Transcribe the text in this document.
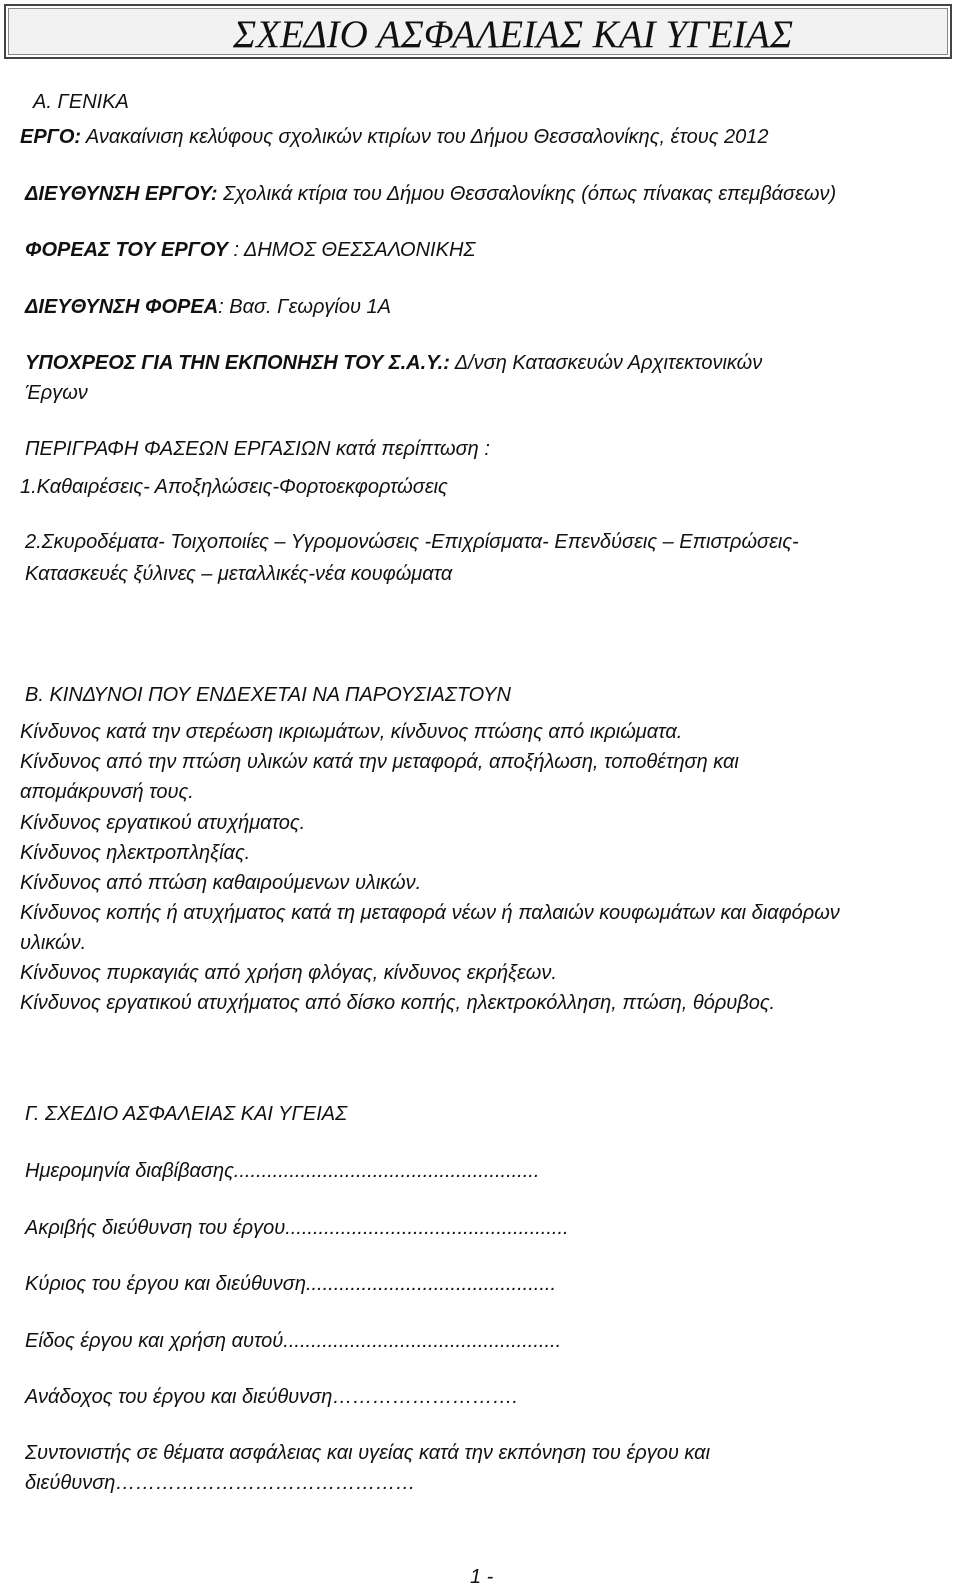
ΣΧΕΔΙΟ ΑΣΦΑΛΕΙΑΣ ΚΑΙ ΥΓΕΙΑΣ
Α. ΓΕΝΙΚΑ
ΕΡΓΟ: Ανακαίνιση κελύφους σχολικών κτιρίων του Δήμου Θεσσαλονίκης, έτους 2012
ΔΙΕΥΘΥΝΣΗ ΕΡΓΟΥ: Σχολικά κτίρια του Δήμου Θεσσαλονίκης (όπως πίνακας επεμβάσεων)
ΦΟΡΕΑΣ ΤΟΥ ΕΡΓΟΥ : ΔΗΜΟΣ ΘΕΣΣΑΛΟΝΙΚΗΣ
ΔΙΕΥΘΥΝΣΗ ΦΟΡΕΑ: Βασ. Γεωργίου 1Α
ΥΠΟΧΡΕΟΣ ΓΙΑ ΤΗΝ ΕΚΠΟΝΗΣΗ ΤΟΥ Σ.Α.Υ.: Δ/νση Κατασκευών Αρχιτεκτονικών
Έργων
ΠΕΡΙΓΡΑΦΗ ΦΑΣΕΩΝ ΕΡΓΑΣΙΩΝ κατά περίπτωση :
1.Καθαιρέσεις- Αποξηλώσεις-Φορτοεκφορτώσεις
2.Σκυροδέματα- Τοιχοποιίες – Υγρομονώσεις -Επιχρίσματα- Επενδύσεις – Επιστρώσεις-
Κατασκευές ξύλινες – μεταλλικές-νέα κουφώματα
Β. ΚΙΝΔΥΝΟΙ ΠΟΥ ΕΝΔΕΧΕΤΑΙ ΝΑ ΠΑΡΟΥΣΙΑΣΤΟΥΝ
Κίνδυνος κατά την στερέωση ικριωμάτων, κίνδυνος πτώσης από ικριώματα.
Κίνδυνος από την πτώση υλικών κατά την μεταφορά, αποξήλωση, τοποθέτηση και
απομάκρυνσή τους.
Κίνδυνος εργατικού ατυχήματος.
Κίνδυνος ηλεκτροπληξίας.
Κίνδυνος από πτώση καθαιρούμενων υλικών.
Κίνδυνος κοπής ή ατυχήματος κατά τη μεταφορά νέων ή παλαιών κουφωμάτων και διαφόρων
υλικών.
Κίνδυνος πυρκαγιάς από χρήση φλόγας, κίνδυνος εκρήξεων.
Κίνδυνος εργατικού ατυχήματος από δίσκο κοπής, ηλεκτροκόλληση, πτώση, θόρυβος.
Γ. ΣΧΕΔΙΟ ΑΣΦΑΛΕΙΑΣ ΚΑΙ ΥΓΕΙΑΣ
Ημερομηνία διαβίβασης.......................................................
Ακριβής διεύθυνση του έργου...................................................
Κύριος του έργου και διεύθυνση.............................................
Είδος έργου και χρήση αυτού..................................................
Ανάδοχος του έργου και διεύθυνση……………………….
Συντονιστής σε θέματα ασφάλειας και υγείας κατά την εκπόνηση του έργου και
διεύθυνση………………………………………
1 -
